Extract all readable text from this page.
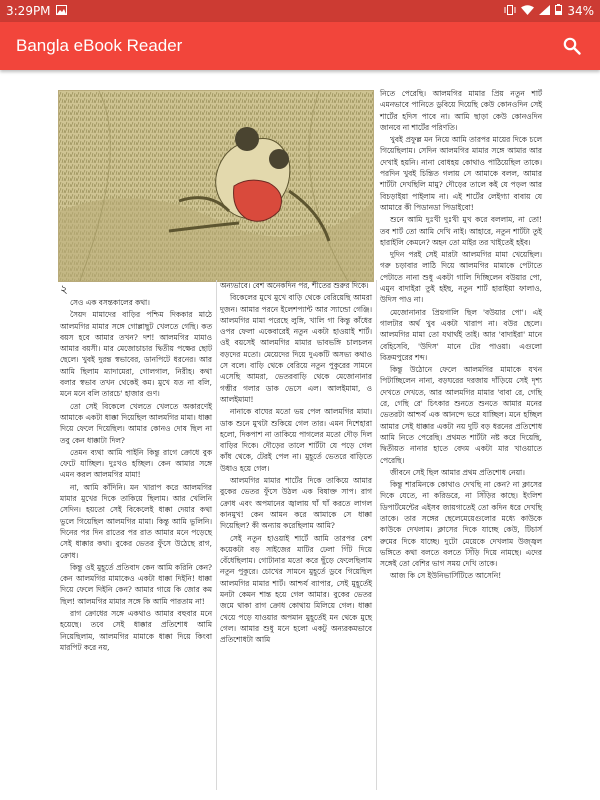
3:29PM	34%
Bangla eBook Reader

২

সেও এক বসন্তকালের কথা।

সৈয়দ মামাদের বাড়ির পশ্চিম দিককার মাঠে আলমগির মামার সঙ্গে গোল্লাছুট খেলতে গেছি। কত বয়স হবে আমার তখন? দশ! আলমগির মামাও আমার বয়সী। মার মেজোচাচার দ্বিতীয় পক্ষের ছোট ছেলে। খুবই দুরন্ত স্বভাবের, ডানপিটে ধরনের। আর আমি ছিলাম ম্যাদামেরা, গোলগাল, নিরীহ। কথা বলার স্বভাব তখন থেকেই কম। মুখে যত না বলি, মনে মনে বলি তারচে' হাজার গুণ।

তো সেই বিকেলে খেলতে খেলতে অকারণেই আমাকে একটা ধাক্কা দিয়েছিল আলমগির মামা। ধাক্কা দিয়ে ফেলে দিয়েছিল। আমার কোনও দোষ ছিল না তবু কেন ধাক্কাটা দিল?

তেমন ব্যথা আমি পাইনি কিন্তু রাগে ক্রোধে বুক ফেটে যাচ্ছিল। দুঃখও হচ্ছিল। কেন আমার সঙ্গে এমন করল আলমগির মামা!

না, আমি কাঁদিনি। মন খারাপ করে আলমগির মামার মুখের দিকে তাকিয়ে ছিলাম। আর খেলিনি সেদিন। হয়তো সেই বিকেলেই ধাক্কা দেয়ার কথা ভুলে গিয়েছিল আলমগির মামা। কিন্তু আমি ভুলিনি। দিনের পর দিন রাতের পর রাত আমার মনে পড়েছে সেই ধাক্কার কথা। বুকের ভেতর ফুঁসে উঠেছে রাগ, ক্রোধ।

কিন্তু ওই মুহূর্তে প্রতিবাদ কেন আমি করিনি কেন? কেন আলমগির মামাকেও একটা ধাক্কা দিইনি! ধাক্কা দিয়ে ফেলে দিইনি কেন? আমার গায়ে কি জোর কম ছিল! আলমগির মামার সঙ্গে কি আমি পারতাম না!

রাগ ক্রোধের সঙ্গে একথাও আমার বহুবার মনে হয়েছে। তবে সেই ধাক্কার প্রতিশোধ আমি নিয়েছিলাম, আলমগির মামাকে ধাক্কা দিয়ে কিংবা মারপিট করে নয়,

অন্যভাবে। বেশ অনেকদিন পর, শীতের শুরুর দিকে।

বিকেলের মুখে মুখে বাড়ি থেকে বেরিয়েছি আমরা দুজন। আমার পরনে ইলেশপ্যান্ট আর স্যান্ডো গেঞ্জি। আলমগির মামা পরেছে লুঙ্গি, খালি গা কিন্তু কাঁধের ওপর ফেলা একেবারেই নতুন একটা হাওয়াই শার্ট। ওই বয়সেই আলমগির মামার ভাবভঙ্গি চালচলন বড়দের মতো। মেয়েদের দিয়ে দুএকটি অসভ্য কথাও সে বলে। বাড়ি থেকে বেরিয়ে নতুন পুকুরের সামনে এসেছি আমরা, ভেতরবাড়ি থেকে মেজোনানার গম্ভীর গলার ডাক ভেসে এল। আলইমামা, ও আলইমামা!

নানাকে বাঘের মতো ভয় পেল আলমগির মামা। ডাক শুনে মুখটা শুকিয়ে গেল তার। এমন দিশেহারা হলো, দিকপাশ না তাকিয়ে পাগলের মতো দৌড় দিল বাড়ির দিকে। দৌড়ের তালে শার্টটা যে পড়ে গেল কাঁধ থেকে, টেরই পেল না। মুহূর্তে ভেতরে বাড়িতে উধাও হয়ে গেল।

আলমগির মামার শার্টের দিকে তাকিয়ে আমার বুকের ভেতর ফুঁসে উঠল এক বিষাক্ত সাপ। রাগ ক্রোধ এবং অপমানের জ্বালায় ঘাঁ ঘাঁ করতে লাগল কানমুখ! কেন আমন করে আমাকে সে ধাক্কা দিয়েছিল? কী অন্যায় করেছিলাম আমি?

সেই নতুন হাওয়াই শার্টে আমি তারপর বেশ কয়েকটা বড় সাইজের মাটির ঢেলা গিঁট দিয়ে বেঁধেছিলাম। গোটানার মতো করে ছুঁড়ে ফেলেছিলাম নতুন পুকুরে। চোখের সামনে মুহূর্তে ডুবে গিয়েছিল আলমগির মামার শার্ট। আশ্চর্য ব্যাপার, সেই মুহূর্তেই মনটা কেমন শান্ত হয়ে গেল আমার। বুকের ভেতর জমে থাকা রাগ ক্রোধ কোথায় মিলিয়ে গেল। ধাক্কা খেয়ে পড়ে যাওয়ার অপমান মুহূর্তেই মন থেকে মুছে গেল। আমার শুধু মনে হলো একটু অন্যরকমভাবে প্রতিশোধটা আমি

নিতে পেরেছি। আলমগির মামার প্রিয় নতুন শার্ট এমনভাবে পানিতে ডুবিয়ে দিয়েছি কেউ কোনওদিন সেই শার্টের হদিস পাবে না। আমি ছাড়া কেউ কোনওদিন জানবে না শার্টের পরিণতি।

খুবই প্রফুল্ল মন নিয়ে আমি তারপর মায়ের দিকে চলে গিয়েছিলাম। সেদিন আলমগির মামার সঙ্গে আমার আর দেখাই হয়নি। নানা বোধহয় কোথাও পাঠিয়েছিল তাকে। পরদিন খুবই চিন্তিত গলায় সে আমাকে বলল, আমার শার্টটা দেখছিলি মামু? দৌড়ের তালে কই যে পড়ল আর বিচড়াইয়া পাইলাম না। এই শার্টের লেইগ্যা বাবায় যে আমারে কী পিডানডা পিডাইবো!

শুনে আমি দুঃখী দুঃখী মুখ করে বললাম, না তো! তব শার্ট তো আমি দেখি নাই। আহারে, নতুন শার্টটা তুই হারাইলি কেমনে? অহন তো মাইর তর খাইতেই হইব।

দুদিন পরই সেই মারটা আলমগির মামা খেয়েছিল। গরু চড়াবার লাঠি দিয়ে আলমগির মামাকে পেটাতে পেটাতে নানা শুধু একটা গালি দিচ্ছিলেন বউয়ার পো, এমুন বাদাইরা তুই হইছ, নতুন শার্ট হারাইয়া ফালাও, উদিস পাও না।

মেজোনানার প্রিয়গালি ছিল 'বউয়ার পো'। এই গালটার অর্থ খুব একটা খারাপ না। বউর ছেলে। আলমগির মামা তো যথার্থই তাই। আর 'বাদাইরা' মানে বেহিসেবি, 'উদিস' মানে টের পাওয়া। এগুলো বিক্রমপুরের শব্দ।

কিন্তু উঠোনে ফেলে আলমগির মামাকে যখন পিটাচ্ছিলেন নানা, বড়ঘরের দরজায় দাঁড়িয়ে সেই দৃশ্য দেখতে দেখতে, আর আলমগির মামার 'বাবা রে, গেছি রে, গেছি রে' চিৎকার শুনতে শুনতে আমার মনের ভেতরটা আশ্চর্য এক আনন্দে ভরে যাচ্ছিল। মনে হচ্ছিল আমার সেই ধাক্কার একটা নয় দুটি বড় ধরনের প্রতিশোধ আমি নিতে পেরেছি। প্রথমত শার্টটা নষ্ট করে দিয়েছি, দ্বিতীয়ত নানার হাতে বেদম একটা মার খাওয়াতে পেরেছি।

জীবনে সেই ছিল আমার প্রথম প্রতিশোধ নেয়া।

কিন্তু শারমিনকে কোথাও দেখছি না কেন? না ক্লাসের দিকে যেতে, না করিডরে, না সিঁড়ির কাছে। ইংলিশ ডিপার্টমেন্টের এইসব জায়গাতেই তো কদিন ধরে দেখছি তাকে। তার সঙ্গের ছেলেমেয়েগুলোর মধ্যে কাউকে কাউকে দেখলাম। ক্লাসের দিকে যাচ্ছে কেউ, টিচার্স রুমের দিকে যাচ্ছে। দুটো মেয়েকে দেখলাম উজ্জ্বল ভঙ্গিতে কথা বলতে বলতে সিঁড়ি দিয়ে নামছে। এদের সঙ্গেই তো বেশির ভাগ সময় দেখি তাকে।

আজ কি সে ইউনিভার্সিটিতে আসেনি!
